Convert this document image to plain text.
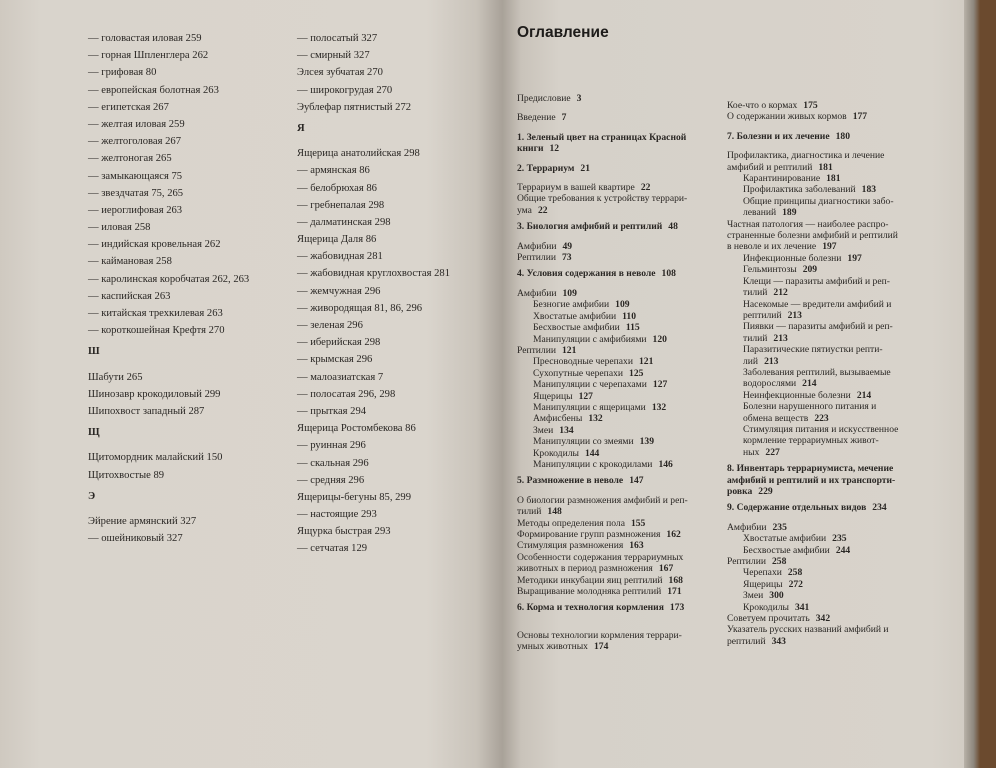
— головастая иловая 259
— горная Шпленглера 262
— грифовая 80
— европейская болотная 263
— египетская 267
— желтая иловая 259
— желтоголовая 267
— желтоногая 265
— замыкающаяся 75
— звездчатая 75, 265
— иероглифовая 263
— иловая 258
— индийская кровельная 262
— каймановая 258
— каролинская коробчатая 262, 263
— каспийская 263
— китайская трехкилевая 263
— короткошейная Крефтя 270
Ш
Шабути 265
Шинозавр крокодиловый 299
Шипохвост западный 287
Щ
Щитомордник малайский 150
Щитохвостые 89
Э
Эйрение армянский 327
— ошейниковый 327
— полосатый 327
— смирный 327
Элсея зубчатая 270
— широкогрудая 270
Эублефар пятнистый 272
Я
Ящерица анатолийская 298
— армянская 86
— белобрюхая 86
— гребнепалая 298
— далматинская 298
Ящерица Даля 86
— жабовидная 281
— жабовидная круглохвостая 281
— жемчужная 296
— живородящая 81, 86, 296
— зеленая 296
— иберийская 298
— крымская 296
— малоазиатская 7
— полосатая 296, 298
— прыткая 294
Ящерица Ростомбекова 86
— руинная 296
— скальная 296
— средняя 296
Ящерицы-бегуны 85, 299
— настоящие 293
Ящурка быстрая 293
— сетчатая 129
Оглавление
Предисловие 3
Введение 7
1. Зеленый цвет на страницах Красной
книги 12
2. Террариум 21
Террариум в вашей квартире 22
Общие требования к устройству террари-
ума 22
3. Биология амфибий и рептилий 48
Амфибии 49
Рептилии 73
4. Условия содержания в неволе 108
Амфибии 109
Безногие амфибии 109
Хвостатые амфибии 110
Бесхвостые амфибии 115
Манипуляции с амфибиями 120
Рептилии 121
Пресноводные черепахи 121
Сухопутные черепахи 125
Манипуляции с черепахами 127
Ящерицы 127
Манипуляции с ящерицами 132
Амфисбены 132
Змеи 134
Манипуляции со змеями 139
Крокодилы 144
Манипуляции с крокодилами 146
5. Размножение в неволе 147
О биологии размножения амфибий и реп-
тилий 148
Методы определения пола 155
Формирование групп размножения 162
Стимуляция размножения 163
Особенности содержания террариумных
животных в период размножения 167
Методики инкубации яиц рептилий 168
Выращивание молодняка рептилий 171
6. Корма и технология кормления 173
Основы технологии кормления террари-
умных животных 174
Кое-что о кормах 175
О содержании живых кормов 177
7. Болезни и их лечение 180
Профилактика, диагностика и лечение
амфибий и рептилий 181
Карантинирование 181
Профилактика заболеваний 183
Общие принципы диагностики забо-
леваний 189
Частная патология — наиболее распро-
страненные болезни амфибий и рептилий
в неволе и их лечение 197
Инфекционные болезни 197
Гельминтозы 209
Клещи — паразиты амфибий и реп-
тилий 212
Насекомые — вредители амфибий и
рептилий 213
Пиявки — паразиты амфибий и реп-
тилий 213
Паразитические пятиустки репти-
лий 213
Заболевания рептилий, вызываемые
водорослями 214
Неинфекционные болезни 214
Болезни нарушенного питания и
обмена веществ 223
Стимуляция питания и искусственное
кормление террариумных живот-
ных 227
8. Инвентарь террариумиста, мечение
амфибий и рептилий и их транспорти-
ровка 229
9. Содержание отдельных видов 234
Амфибии 235
Хвостатые амфибии 235
Бесхвостые амфибии 244
Рептилии 258
Черепахи 258
Ящерицы 272
Змеи 300
Крокодилы 341
Советуем прочитать 342
Указатель русских названий амфибий и
рептилий 343
